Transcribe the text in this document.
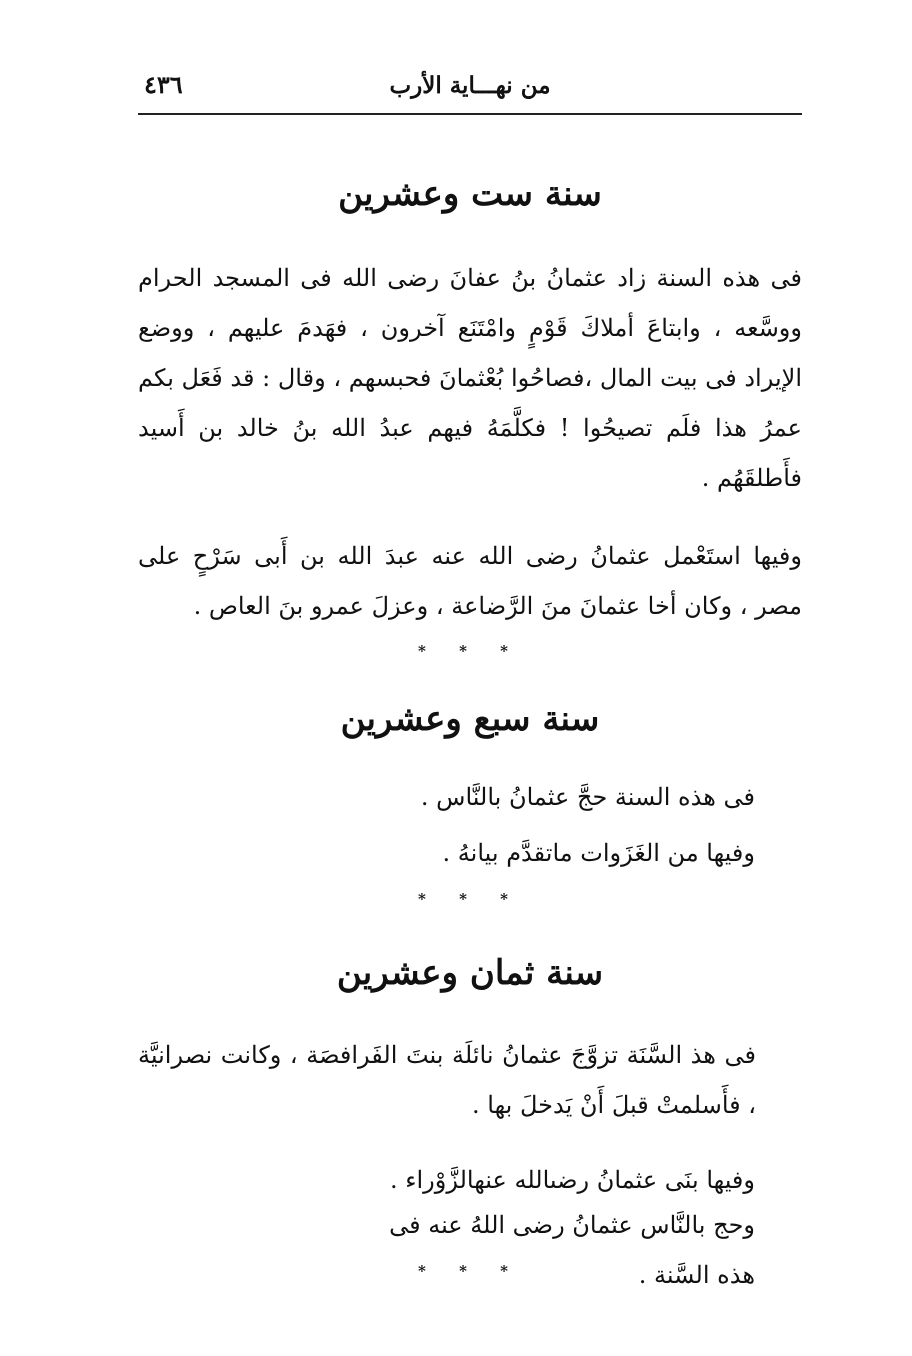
من نهـــاية الأرب
٤٣٦
سنة ست وعشرين
فى هذه السنة زاد عثمانُ بنُ عفانَ رضى الله فى المسجد الحرام ووسَّعه ، وابتاعَ أملاكَ قَوْمٍ وامْتَنَع آخرون ، فهَدمَ عليهم ، ووضع الإيراد فى بيت المال ،فصاحُوا بُعْثمانَ فحبسهم ، وقال : قد فَعَل بكم عمرُ هذا فلَم تصيحُوا ! فكلَّمَهُ فيهم عبدُ الله بنُ خالد بن أَسيد فأَطلقَهُم .
وفيها استَعْمل عثمانُ رضى الله عنه عبدَ الله بن أَبى سَرْحٍ على مصر ، وكان أخا عثمانَ منَ الرَّضاعة ، وعزلَ عمرو بنَ العاص .
* * *
سنة سبع وعشرين
فى هذه السنة حجَّ عثمانُ بالنَّاس .
وفيها من الغَزَوات ماتقدَّم بيانهُ .
* * *
سنة ثمان وعشرين
فى هذ السَّنَة تزوَّجَ عثمانُ نائلَة بنتَ الفَرافصَة ، وكانت نصرانيَّة ، فأَسلمتْ قبلَ أَنْ يَدخلَ بها .
وفيها بنَى عثمانُ رضىالله عنهالزَّوْراء .
وحج بالنَّاس عثمانُ رضى اللهُ عنه فى هذه السَّنة .
* * *
